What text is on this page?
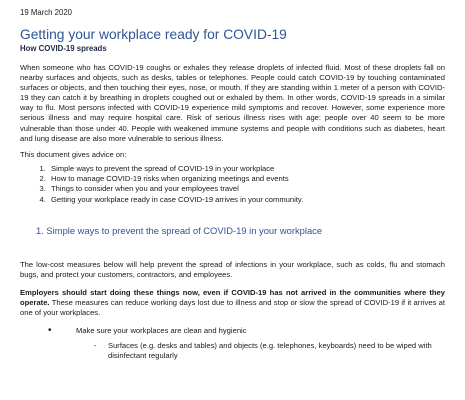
19 March 2020
Getting your workplace ready for COVID-19
How COVID-19 spreads

When someone who has COVID-19 coughs or exhales they release droplets of infected fluid. Most of these droplets fall on nearby surfaces and objects, such as desks, tables or telephones. People could catch COVID-19 by touching contaminated surfaces or objects, and then touching their eyes, nose, or mouth. If they are standing within 1 meter of a person with COVID-19 they can catch it by breathing in droplets coughed out or exhaled by them. In other words, COVID-19 spreads in a similar way to flu. Most persons infected with COVID-19 experience mild symptoms and recover. However, some experience more serious illness and may require hospital care. Risk of serious illness rises with age: people over 40 seem to be more vulnerable than those under 40. People with weakened immune systems and people with conditions such as diabetes, heart and lung disease are also more vulnerable to serious illness.

This document gives advice on:

1. Simple ways to prevent the spread of COVID-19 in your workplace
2. How to manage COVID-19 risks when organizing meetings and events
3. Things to consider when you and your employees travel
4. Getting your workplace ready in case COVID-19 arrives in your community.
1. Simple ways to prevent the spread of COVID-19 in your workplace

The low-cost measures below will help prevent the spread of infections in your workplace, such as colds, flu and stomach bugs, and protect your customers, contractors, and employees.

Employers should start doing these things now, even if COVID-19 has not arrived in the communities where they operate. These measures can reduce working days lost due to illness and stop or slow the spread of COVID-19 if it arrives at one of your workplaces.

•	Make sure your workplaces are clean and hygienic
-	Surfaces (e.g. desks and tables) and objects (e.g. telephones, keyboards) need to be wiped with disinfectant regularly
